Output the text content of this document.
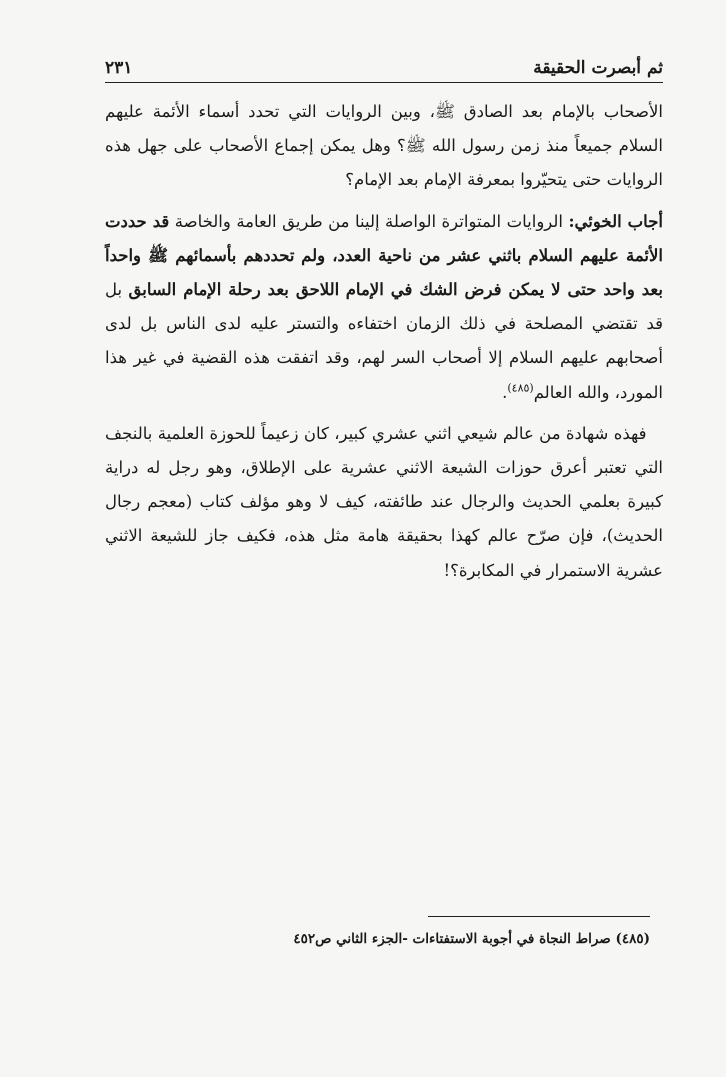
ثم أبصرت الحقيقة
٢٣١

الأصحاب بالإمام بعد الصادق ﷺ، وبين الروايات التي تحدد أسماء الأئمة عليهم السلام جميعاً منذ زمن رسول الله ﷺ؟ وهل يمكن إجماع الأصحاب على جهل هذه الروايات حتى يتحيّروا بمعرفة الإمام بعد الإمام؟

أجاب الخوئي: الروايات المتواترة الواصلة إلينا من طريق العامة والخاصة قد حددت الأئمة عليهم السلام باثني عشر من ناحية العدد، ولم تحددهم بأسمائهم ﷺ واحداً بعد واحد حتى لا يمكن فرض الشك في الإمام اللاحق بعد رحلة الإمام السابق بل قد تقتضي المصلحة في ذلك الزمان اختفاءه والتستر عليه لدى الناس بل لدى أصحابهم عليهم السلام إلا أصحاب السر لهم، وقد اتفقت هذه القضية في غير هذا المورد، والله العالم$^{(٤٨٥)}$.

 فهذه شهادة من عالم شيعي اثني عشري كبير، كان زعيماً للحوزة العلمية بالنجف التي تعتبر أعرق حوزات الشيعة الاثني عشرية على الإطلاق، وهو رجل له دراية كبيرة بعلمي الحديث والرجال عند طائفته، كيف لا وهو مؤلف كتاب (معجم رجال الحديث)، فإن صرّح عالم كهذا بحقيقة هامة مثل هذه، فكيف جاز للشيعة الاثني عشرية الاستمرار في المكابرة؟!

(٤٨٥) صراط النجاة في أجوبة الاستفتاءات -الجزء الثاني ص٤٥٢
